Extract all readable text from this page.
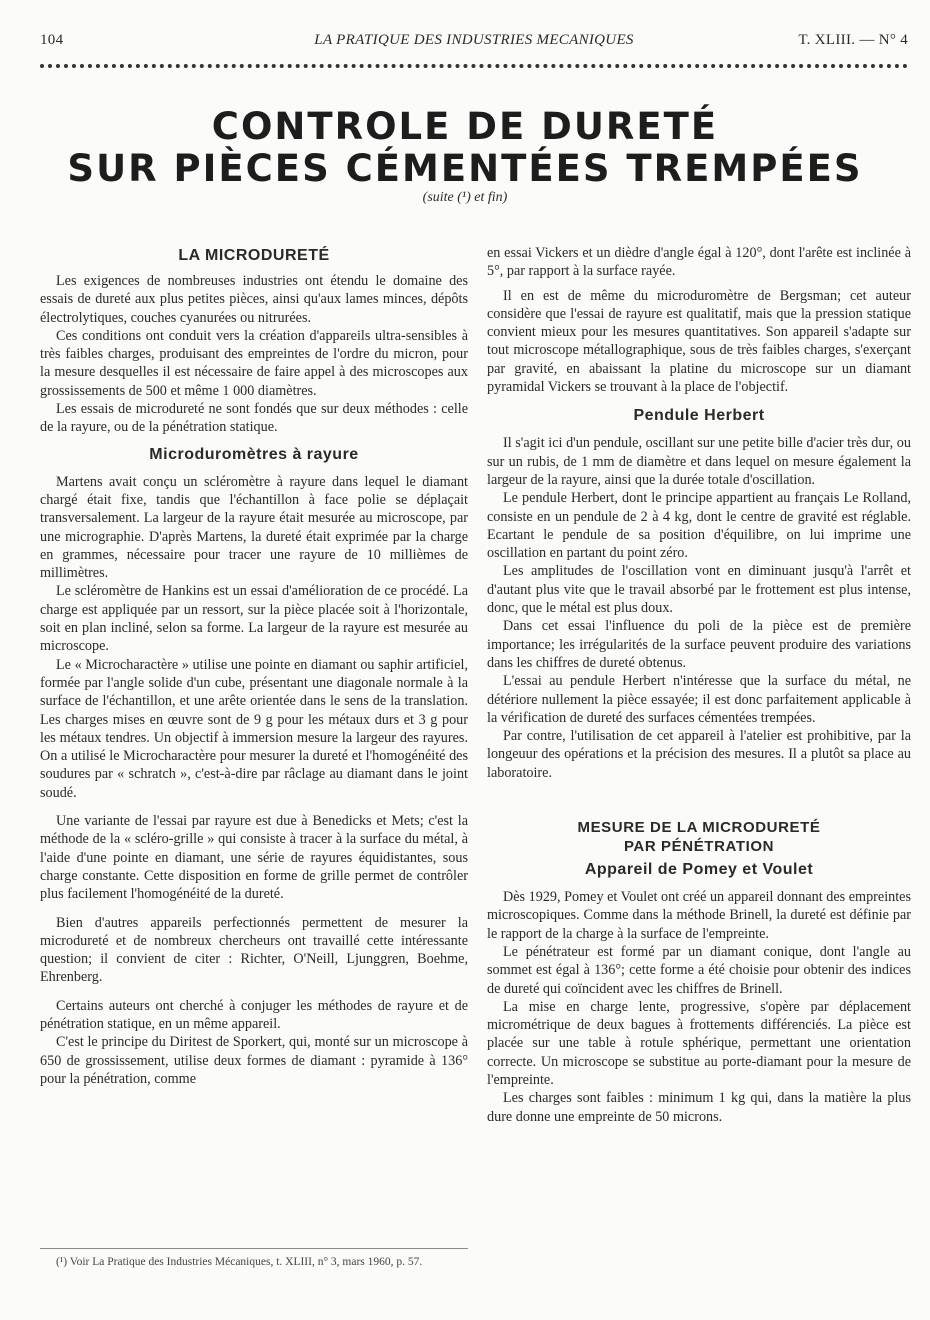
104	LA PRATIQUE DES INDUSTRIES MECANIQUES	T. XLIII. — N° 4
CONTROLE DE DURETÉ
SUR PIÈCES CÉMENTÉES TREMPÉES
(suite (¹) et fin)
LA MICRODURETÉ

Les exigences de nombreuses industries ont étendu le domaine des essais de dureté aux plus petites pièces, ainsi qu'aux lames minces, dépôts électrolytiques, couches cyanurées ou nitrurées.

Ces conditions ont conduit vers la création d'appareils ultra-sensibles à très faibles charges, produisant des empreintes de l'ordre du micron, pour la mesure desquelles il est nécessaire de faire appel à des microscopes aux grossissements de 500 et même 1 000 diamètres.

Les essais de microdureté ne sont fondés que sur deux méthodes : celle de la rayure, ou de la pénétration statique.

Microduromètres à rayure

Martens avait conçu un scléromètre à rayure dans lequel le diamant chargé était fixe, tandis que l'échantillon à face polie se déplaçait transversalement. La largeur de la rayure était mesurée au microscope, par une micrographie. D'après Martens, la dureté était exprimée par la charge en grammes, nécessaire pour tracer une rayure de 10 millièmes de millimètres.

Le scléromètre de Hankins est un essai d'amélioration de ce procédé. La charge est appliquée par un ressort, sur la pièce placée soit à l'horizontale, soit en plan incliné, selon sa forme. La largeur de la rayure est mesurée au microscope.

Le « Microcharactère » utilise une pointe en diamant ou saphir artificiel, formée par l'angle solide d'un cube, présentant une diagonale normale à la surface de l'échantillon, et une arête orientée dans le sens de la translation. Les charges mises en œuvre sont de 9 g pour les métaux durs et 3 g pour les métaux tendres. Un objectif à immersion mesure la largeur des rayures. On a utilisé le Microcharactère pour mesurer la dureté et l'homogénéité des soudures par « schratch », c'est-à-dire par râclage au diamant dans le joint soudé.

Une variante de l'essai par rayure est due à Benedicks et Mets; c'est la méthode de la « scléro-grille » qui consiste à tracer à la surface du métal, à l'aide d'une pointe en diamant, une série de rayures équidistantes, sous charge constante. Cette disposition en forme de grille permet de contrôler plus facilement l'homogénéité de la dureté.

Bien d'autres appareils perfectionnés permettent de mesurer la microdureté et de nombreux chercheurs ont travaillé cette intéressante question; il convient de citer : Richter, O'Neill, Ljunggren, Boehme, Ehrenberg.

Certains auteurs ont cherché à conjuger les méthodes de rayure et de pénétration statique, en un même appareil.

C'est le principe du Diritest de Sporkert, qui, monté sur un microscope à 650 de grossissement, utilise deux formes de diamant : pyramide à 136° pour la pénétration, comme

(¹) Voir La Pratique des Industries Mécaniques, t. XLIII, n° 3, mars 1960, p. 57.

en essai Vickers et un dièdre d'angle égal à 120°, dont l'arête est inclinée à 5°, par rapport à la surface rayée.

Il en est de même du microduromètre de Bergsman; cet auteur considère que l'essai de rayure est qualitatif, mais que la pression statique convient mieux pour les mesures quantitatives. Son appareil s'adapte sur tout microscope métallographique, sous de très faibles charges, s'exerçant par gravité, en abaissant la platine du microscope sur un diamant pyramidal Vickers se trouvant à la place de l'objectif.

Pendule Herbert

Il s'agit ici d'un pendule, oscillant sur une petite bille d'acier très dur, ou sur un rubis, de 1 mm de diamètre et dans lequel on mesure également la largeur de la rayure, ainsi que la durée totale d'oscillation.

Le pendule Herbert, dont le principe appartient au français Le Rolland, consiste en un pendule de 2 à 4 kg, dont le centre de gravité est réglable. Ecartant le pendule de sa position d'équilibre, on lui imprime une oscillation en partant du point zéro.

Les amplitudes de l'oscillation vont en diminuant jusqu'à l'arrêt et d'autant plus vite que le travail absorbé par le frottement est plus intense, donc, que le métal est plus doux.

Dans cet essai l'influence du poli de la pièce est de première importance; les irrégularités de la surface peuvent produire des variations dans les chiffres de dureté obtenus.

L'essai au pendule Herbert n'intéresse que la surface du métal, ne détériore nullement la pièce essayée; il est donc parfaitement applicable à la vérification de dureté des surfaces cémentées trempées.

Par contre, l'utilisation de cet appareil à l'atelier est prohibitive, par la longeuur des opérations et la précision des mesures. Il a plutôt sa place au laboratoire.

MESURE DE LA MICRODURETÉ
PAR PÉNÉTRATION
Appareil de Pomey et Voulet

Dès 1929, Pomey et Voulet ont créé un appareil donnant des empreintes microscopiques. Comme dans la méthode Brinell, la dureté est définie par le rapport de la charge à la surface de l'empreinte.

Le pénétrateur est formé par un diamant conique, dont l'angle au sommet est égal à 136°; cette forme a été choisie pour obtenir des indices de dureté qui coïncident avec les chiffres de Brinell.

La mise en charge lente, progressive, s'opère par déplacement micrométrique de deux bagues à frottements différenciés. La pièce est placée sur une table à rotule sphérique, permettant une orientation correcte. Un microscope se substitue au porte-diamant pour la mesure de l'empreinte.

Les charges sont faibles : minimum 1 kg qui, dans la matière la plus dure donne une empreinte de 50 microns.
